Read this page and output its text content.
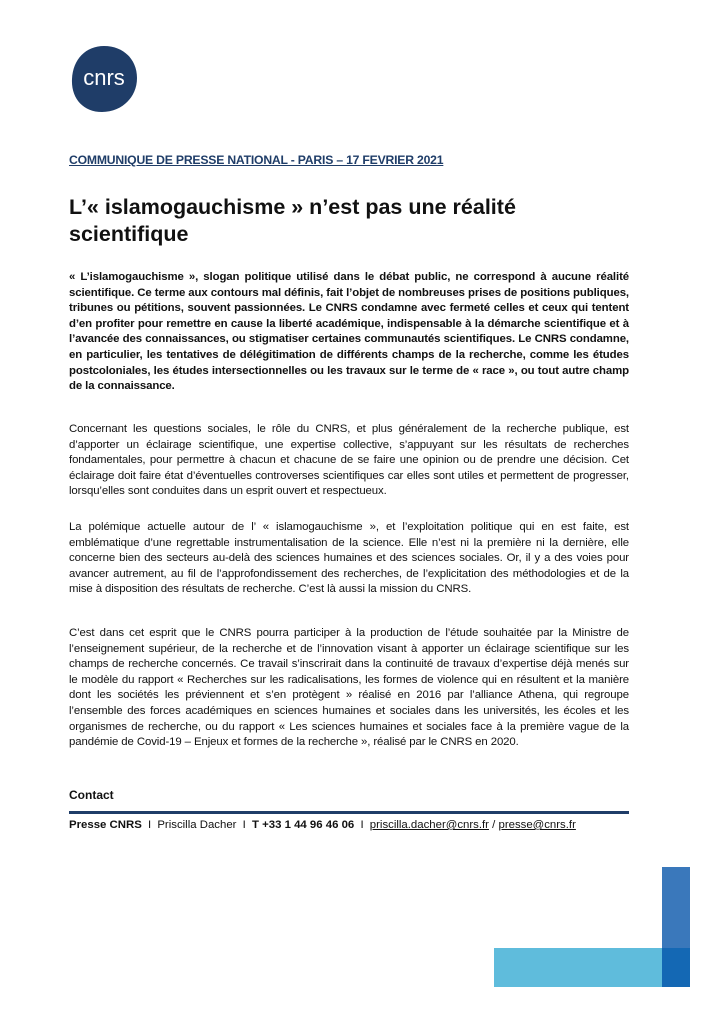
cnrs
COMMUNIQUE DE PRESSE NATIONAL - PARIS – 17 FEVRIER 2021
L’« islamogauchisme » n’est pas une réalité scientifique

« L’islamogauchisme », slogan politique utilisé dans le débat public, ne correspond à aucune réalité scientifique. Ce terme aux contours mal définis, fait l’objet de nombreuses prises de positions publiques, tribunes ou pétitions, souvent passionnées. Le CNRS condamne avec fermeté celles et ceux qui tentent d’en profiter pour remettre en cause la liberté académique, indispensable à la démarche scientifique et à l’avancée des connaissances, ou stigmatiser certaines communautés scientifiques. Le CNRS condamne, en particulier, les tentatives de délégitimation de différents champs de la recherche, comme les études postcoloniales, les études intersectionnelles ou les travaux sur le terme de « race », ou tout autre champ de la connaissance.

Concernant les questions sociales, le rôle du CNRS, et plus généralement de la recherche publique, est d’apporter un éclairage scientifique, une expertise collective, s’appuyant sur les résultats de recherches fondamentales, pour permettre à chacun et chacune de se faire une opinion ou de prendre une décision. Cet éclairage doit faire état d’éventuelles controverses scientifiques car elles sont utiles et permettent de progresser, lorsqu’elles sont conduites dans un esprit ouvert et respectueux.

La polémique actuelle autour de l’ « islamogauchisme », et l’exploitation politique qui en est faite, est emblématique d’une regrettable instrumentalisation de la science. Elle n’est ni la première ni la dernière, elle concerne bien des secteurs au-delà des sciences humaines et des sciences sociales. Or, il y a des voies pour avancer autrement, au fil de l’approfondissement des recherches, de l’explicitation des méthodologies et de la mise à disposition des résultats de recherche. C’est là aussi la mission du CNRS.

C’est dans cet esprit que le CNRS pourra participer à la production de l’étude souhaitée par la Ministre de l’enseignement supérieur, de la recherche et de l’innovation visant à apporter un éclairage scientifique sur les champs de recherche concernés. Ce travail s’inscrirait dans la continuité de travaux d’expertise déjà menés sur le modèle du rapport « Recherches sur les radicalisations, les formes de violence qui en résultent et la manière dont les sociétés les préviennent et s’en protègent » réalisé en 2016 par l’alliance Athena, qui regroupe l’ensemble des forces académiques en sciences humaines et sociales dans les universités, les écoles et les organismes de recherche, ou du rapport « Les sciences humaines et sociales face à la première vague de la pandémie de Covid-19 – Enjeux et formes de la recherche », réalisé par le CNRS en 2020.

Contact
Presse CNRS I Priscilla Dacher I T +33 1 44 96 46 06 I priscilla.dacher@cnrs.fr / presse@cnrs.fr
